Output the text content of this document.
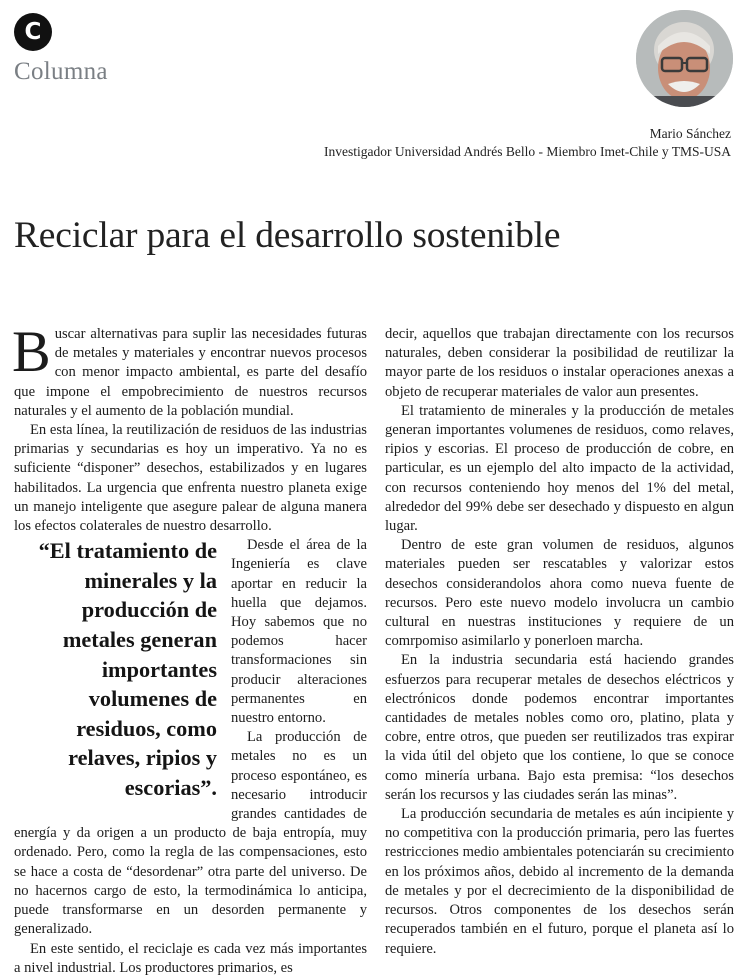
C
Columna
Mario Sánchez
Investigador Universidad Andrés Bello - Miembro Imet-Chile y TMS-USA
Reciclar para el desarrollo sostenible

Buscar alternativas para suplir las necesidades futuras de metales y materiales y encontrar nuevos procesos con menor impacto ambiental, es parte del desafío que impone el empobrecimiento de nuestros recursos naturales y el aumento de la población mundial.

En esta línea, la reutilización de residuos de las industrias primarias y secundarias es hoy un imperativo. Ya no es suficiente “disponer” desechos, estabilizados y en lugares habilitados. La urgencia que enfrenta nuestro planeta exige un manejo inteligente que asegure palear de alguna manera los efectos colaterales de nuestro desarrollo.

“El tratamiento de minerales y la producción de metales generan importantes volumenes de residuos, como relaves, ripios y escorias”.

Desde el área de la Ingeniería es clave aportar en reducir la huella que dejamos. Hoy sabemos que no podemos hacer transformaciones sin producir alteraciones permanentes en nuestro entorno.

La producción de metales no es un proceso espontáneo, es necesario introducir grandes cantidades de energía y da origen a un producto de baja entropía, muy ordenado. Pero, como la regla de las compensaciones, esto se hace a costa de “desordenar” otra parte del universo. De no hacernos cargo de esto, la termodinámica lo anticipa, puede transformarse en un desorden permanente y generalizado.

En este sentido, el reciclaje es cada vez más importantes a nivel industrial. Los productores primarios, es

decir, aquellos que trabajan directamente con los recursos naturales, deben considerar la posibilidad de reutilizar la mayor parte de los residuos o instalar operaciones anexas a objeto de recuperar materiales de valor aun presentes.

El tratamiento de minerales y la producción de metales generan importantes volumenes de residuos, como relaves, ripios y escorias. El proceso de producción de cobre, en particular, es un ejemplo del alto impacto de la actividad, con recursos conteniendo hoy menos del 1% del metal, alrededor del 99% debe ser desechado y dispuesto en algun lugar.

Dentro de este gran volumen de residuos, algunos materiales pueden ser rescatables y valorizar estos desechos considerandolos ahora como nueva fuente de recursos. Pero este nuevo modelo involucra un cambio cultural en nuestras instituciones y requiere de un comrpomiso asimilarlo y ponerloen marcha.

En la industria secundaria está haciendo grandes esfuerzos para recuperar metales de desechos eléctricos y electrónicos donde podemos encontrar importantes cantidades de metales nobles como oro, platino, plata y cobre, entre otros, que pueden ser reutilizados tras expirar la vida útil del objeto que los contiene, lo que se conoce como minería urbana. Bajo esta premisa: “los desechos serán los recursos y las ciudades serán las minas”.

La producción secundaria de metales es aún incipiente y no competitiva con la producción primaria, pero las fuertes restricciones medio ambientales potenciarán su crecimiento en los próximos años, debido al incremento de la demanda de metales y por el decrecimiento de la disponibilidad de recursos. Otros componentes de los desechos serán recuperados también en el futuro, porque el planeta así lo requiere.
